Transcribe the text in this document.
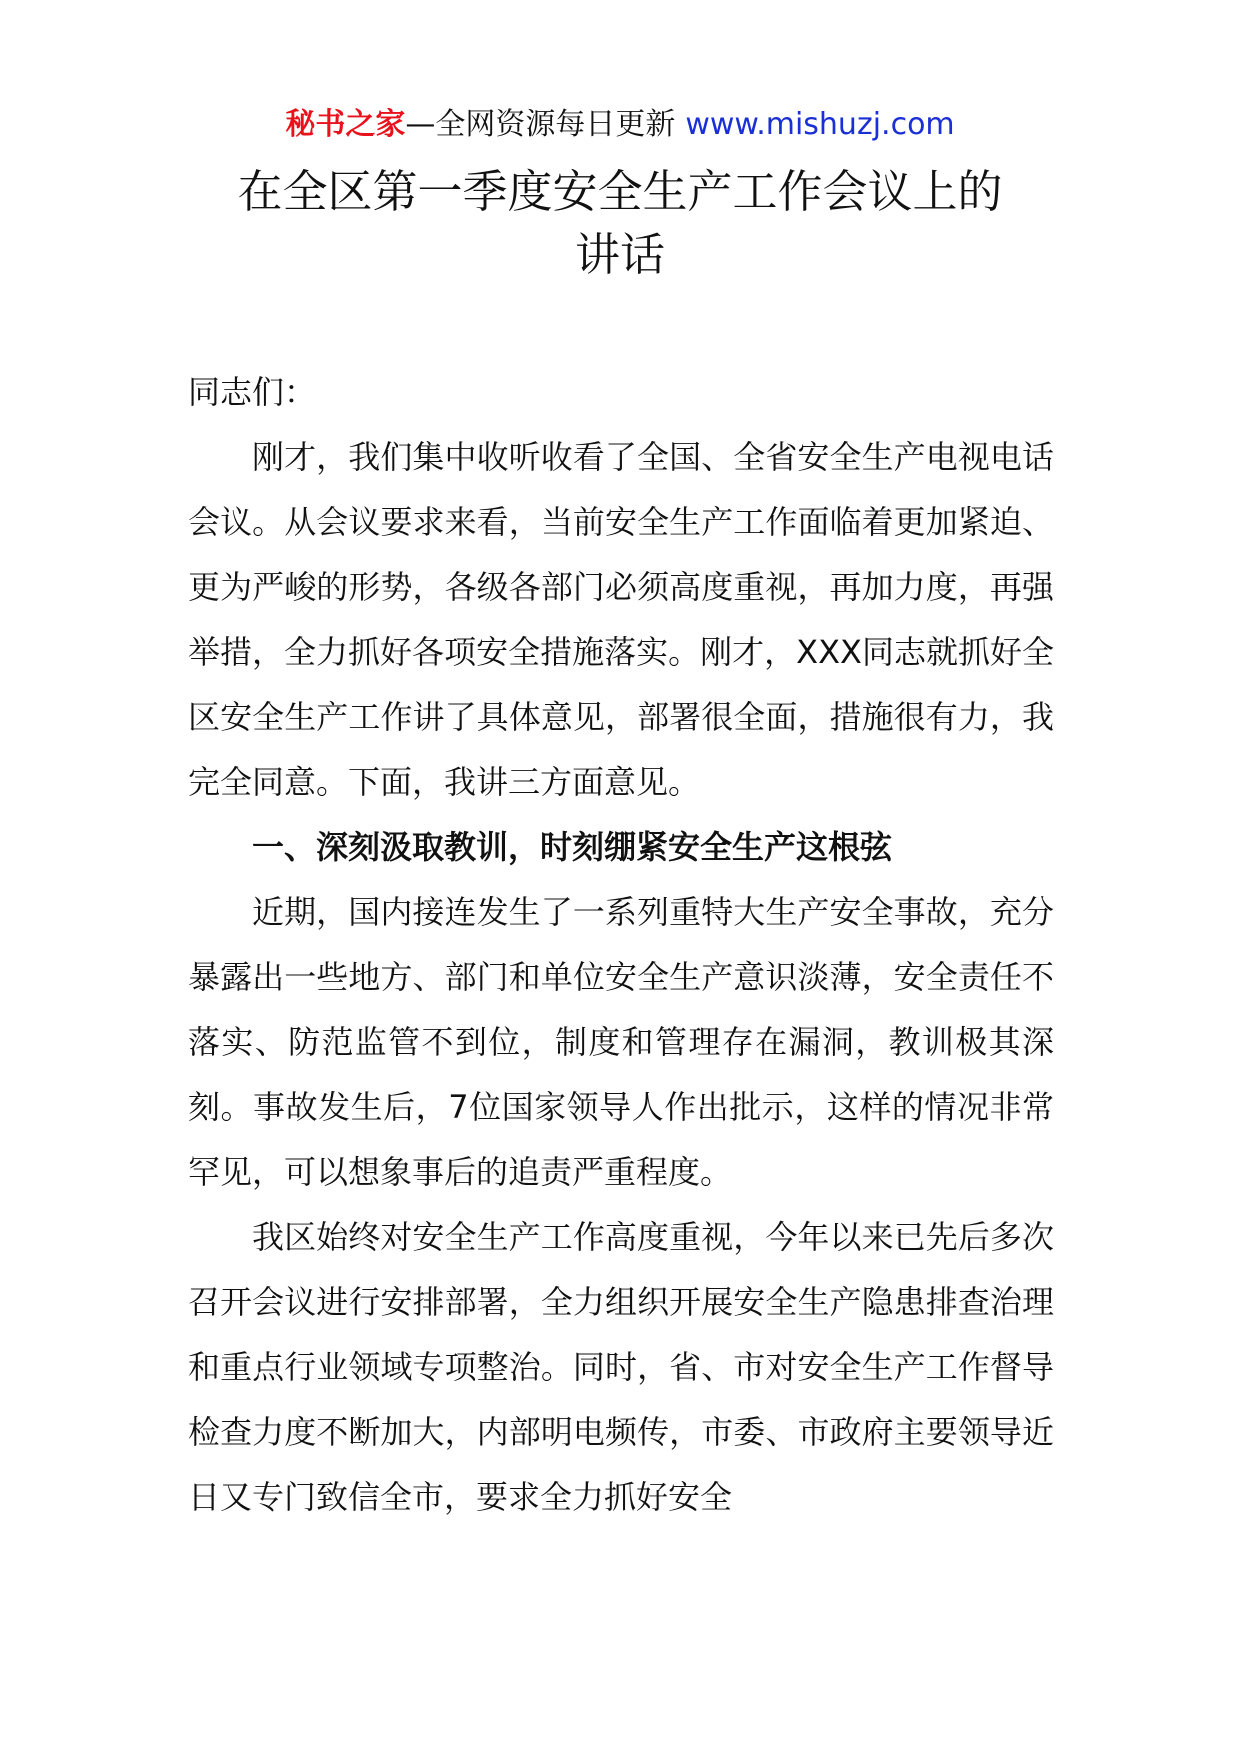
秘书之家—全网资源每日更新 www.mishuzj.com
在全区第一季度安全生产工作会议上的
讲话

同志们：

刚才，我们集中收听收看了全国、全省安全生产电视电话会议。从会议要求来看，当前安全生产工作面临着更加紧迫、更为严峻的形势，各级各部门必须高度重视，再加力度，再强举措，全力抓好各项安全措施落实。刚才，XXX同志就抓好全区安全生产工作讲了具体意见，部署很全面，措施很有力，我完全同意。下面，我讲三方面意见。

一、深刻汲取教训，时刻绷紧安全生产这根弦

近期，国内接连发生了一系列重特大生产安全事故，充分暴露出一些地方、部门和单位安全生产意识淡薄，安全责任不落实、防范监管不到位，制度和管理存在漏洞，教训极其深刻。事故发生后，7位国家领导人作出批示，这样的情况非常罕见，可以想象事后的追责严重程度。

我区始终对安全生产工作高度重视，今年以来已先后多次召开会议进行安排部署，全力组织开展安全生产隐患排查治理和重点行业领域专项整治。同时，省、市对安全生产工作督导检查力度不断加大，内部明电频传，市委、市政府主要领导近日又专门致信全市，要求全力抓好安全
